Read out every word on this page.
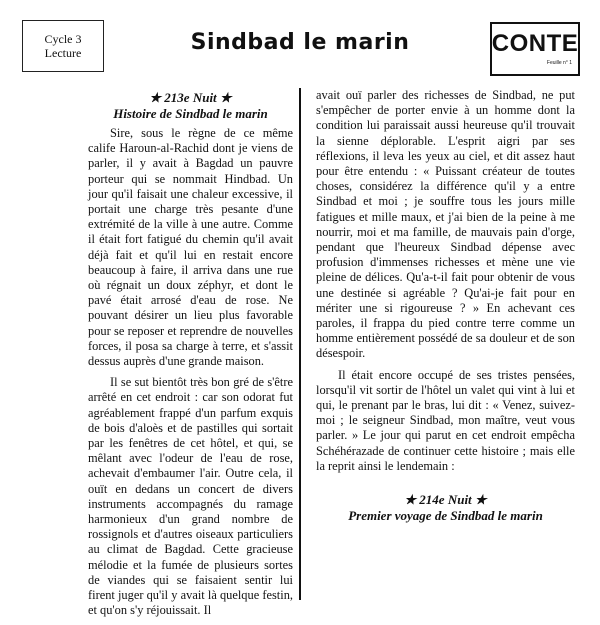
Cycle 3
Lecture	Sindbad le marin	CONTE
Feuille n° 1
★ 213e Nuit ★
Histoire de Sindbad le marin

Sire, sous le règne de ce même calife Haroun-al-Rachid dont je viens de parler, il y avait à Bagdad un pauvre porteur qui se nommait Hindbad. Un jour qu'il faisait une chaleur excessive, il portait une charge très pesante d'une extrémité de la ville à une autre. Comme il était fort fatigué du chemin qu'il avait déjà fait et qu'il lui en restait encore beaucoup à faire, il arriva dans une rue où régnait un doux zéphyr, et dont le pavé était arrosé d'eau de rose. Ne pouvant désirer un lieu plus favorable pour se reposer et reprendre de nouvelles forces, il posa sa charge à terre, et s'assit dessus auprès d'une grande maison.

Il se sut bientôt très bon gré de s'être arrêté en cet endroit : car son odorat fut agréablement frappé d'un parfum exquis de bois d'aloès et de pastilles qui sortait par les fenêtres de cet hôtel, et qui, se mêlant avec l'odeur de l'eau de rose, achevait d'embaumer l'air. Outre cela, il ouït en dedans un concert de divers instruments accompagnés du ramage harmonieux d'un grand nombre de rossignols et d'autres oiseaux particuliers au climat de Bagdad. Cette gracieuse mélodie et la fumée de plusieurs sortes de viandes qui se faisaient sentir lui firent juger qu'il y avait là quelque festin, et qu'on s'y réjouissait. Il

avait ouï parler des richesses de Sindbad, ne put s'empêcher de porter envie à un homme dont la condition lui paraissait aussi heureuse qu'il trouvait la sienne déplorable. L'esprit aigri par ses réflexions, il leva les yeux au ciel, et dit assez haut pour être entendu : « Puissant créateur de toutes choses, considérez la différence qu'il y a entre Sindbad et moi ; je souffre tous les jours mille fatigues et mille maux, et j'ai bien de la peine à me nourrir, moi et ma famille, de mauvais pain d'orge, pendant que l'heureux Sindbad dépense avec profusion d'immenses richesses et mène une vie pleine de délices. Qu'a-t-il fait pour obtenir de vous une destinée si agréable ? Qu'ai-je fait pour en mériter une si rigoureuse ? » En achevant ces paroles, il frappa du pied contre terre comme un homme entièrement possédé de sa douleur et de son désespoir.

Il était encore occupé de ses tristes pensées, lorsqu'il vit sortir de l'hôtel un valet qui vint à lui et qui, le prenant par le bras, lui dit : « Venez, suivez-moi ; le seigneur Sindbad, mon maître, veut vous parler. » Le jour qui parut en cet endroit empêcha Schéhérazade de continuer cette histoire ; mais elle la reprit ainsi le lendemain :

★ 214e Nuit ★
Premier voyage de Sindbad le marin
